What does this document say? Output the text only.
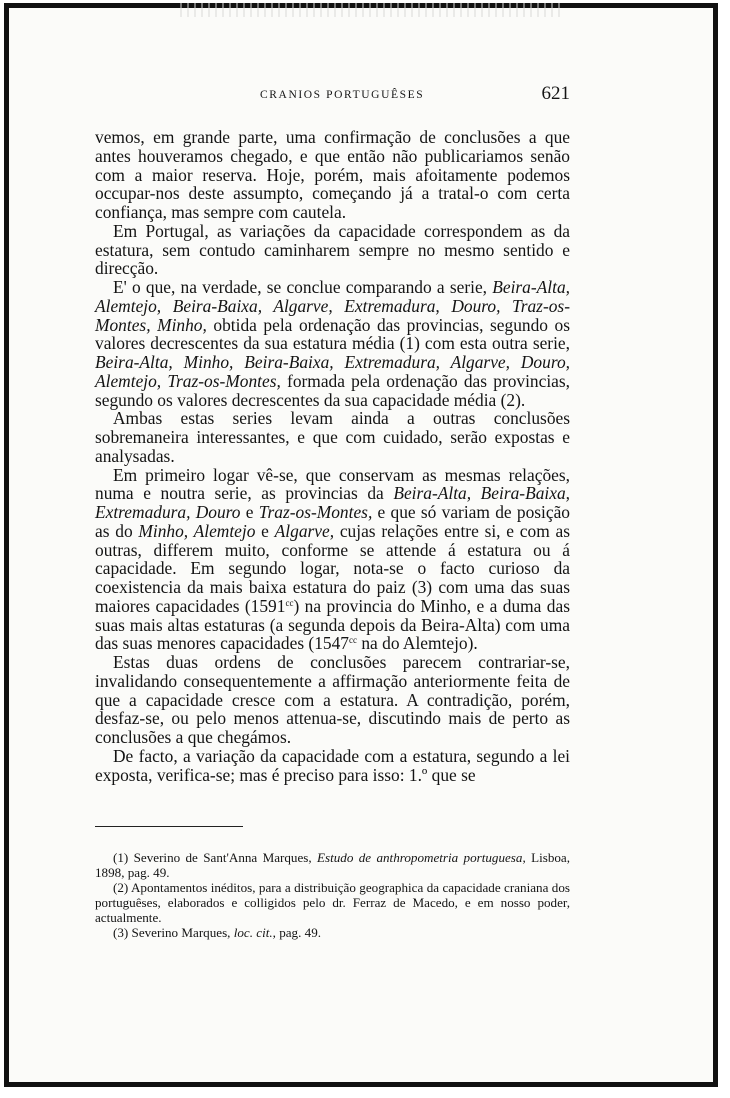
CRANIOS PORTUGUÊSES	621

vemos, em grande parte, uma confirmação de conclusões a que antes houveramos chegado, e que então não publicariamos senão com a maior reserva. Hoje, porém, mais afoitamente podemos occupar-nos deste assumpto, começando já a tratal-o com certa confiança, mas sempre com cautela.

Em Portugal, as variações da capacidade correspondem as da estatura, sem contudo caminharem sempre no mesmo sentido e direcção.

E' o que, na verdade, se conclue comparando a serie, Beira-Alta, Alemtejo, Beira-Baixa, Algarve, Extremadura, Douro, Traz-os-Montes, Minho, obtida pela ordenação das provincias, segundo os valores decrescentes da sua estatura média (1) com esta outra serie, Beira-Alta, Minho, Beira-Baixa, Extremadura, Algarve, Douro, Alemtejo, Traz-os-Montes, formada pela ordenação das provincias, segundo os valores decrescentes da sua capacidade média (2).

Ambas estas series levam ainda a outras conclusões sobremaneira interessantes, e que com cuidado, serão expostas e analysadas.

Em primeiro logar vê-se, que conservam as mesmas relações, numa e noutra serie, as provincias da Beira-Alta, Beira-Baixa, Extremadura, Douro e Traz-os-Montes, e que só variam de posição as do Minho, Alemtejo e Algarve, cujas relações entre si, e com as outras, differem muito, conforme se attende á estatura ou á capacidade. Em segundo logar, nota-se o facto curioso da coexistencia da mais baixa estatura do paiz (3) com uma das suas maiores capacidades $(1591^{cc})$ na provincia do Minho, e a duma das suas mais altas estaturas (a segunda depois da Beira-Alta) com uma das suas menores capacidades ($1547^{cc}$ na do Alemtejo).

Estas duas ordens de conclusões parecem contrariar-se, invalidando consequentemente a affirmação anteriormente feita de que a capacidade cresce com a estatura. A contradição, porém, desfaz-se, ou pelo menos attenua-se, discutindo mais de perto as conclusões a que chegámos.

De facto, a variação da capacidade com a estatura, segundo a lei exposta, verifica-se; mas é preciso para isso: 1.º que se

(1) Severino de Sant'Anna Marques, Estudo de anthropometria portuguesa, Lisboa, 1898, pag. 49.

(2) Apontamentos inéditos, para a distribuição geographica da capacidade craniana dos portuguêses, elaborados e colligidos pelo dr. Ferraz de Macedo, e em nosso poder, actualmente.

(3) Severino Marques, loc. cit., pag. 49.
